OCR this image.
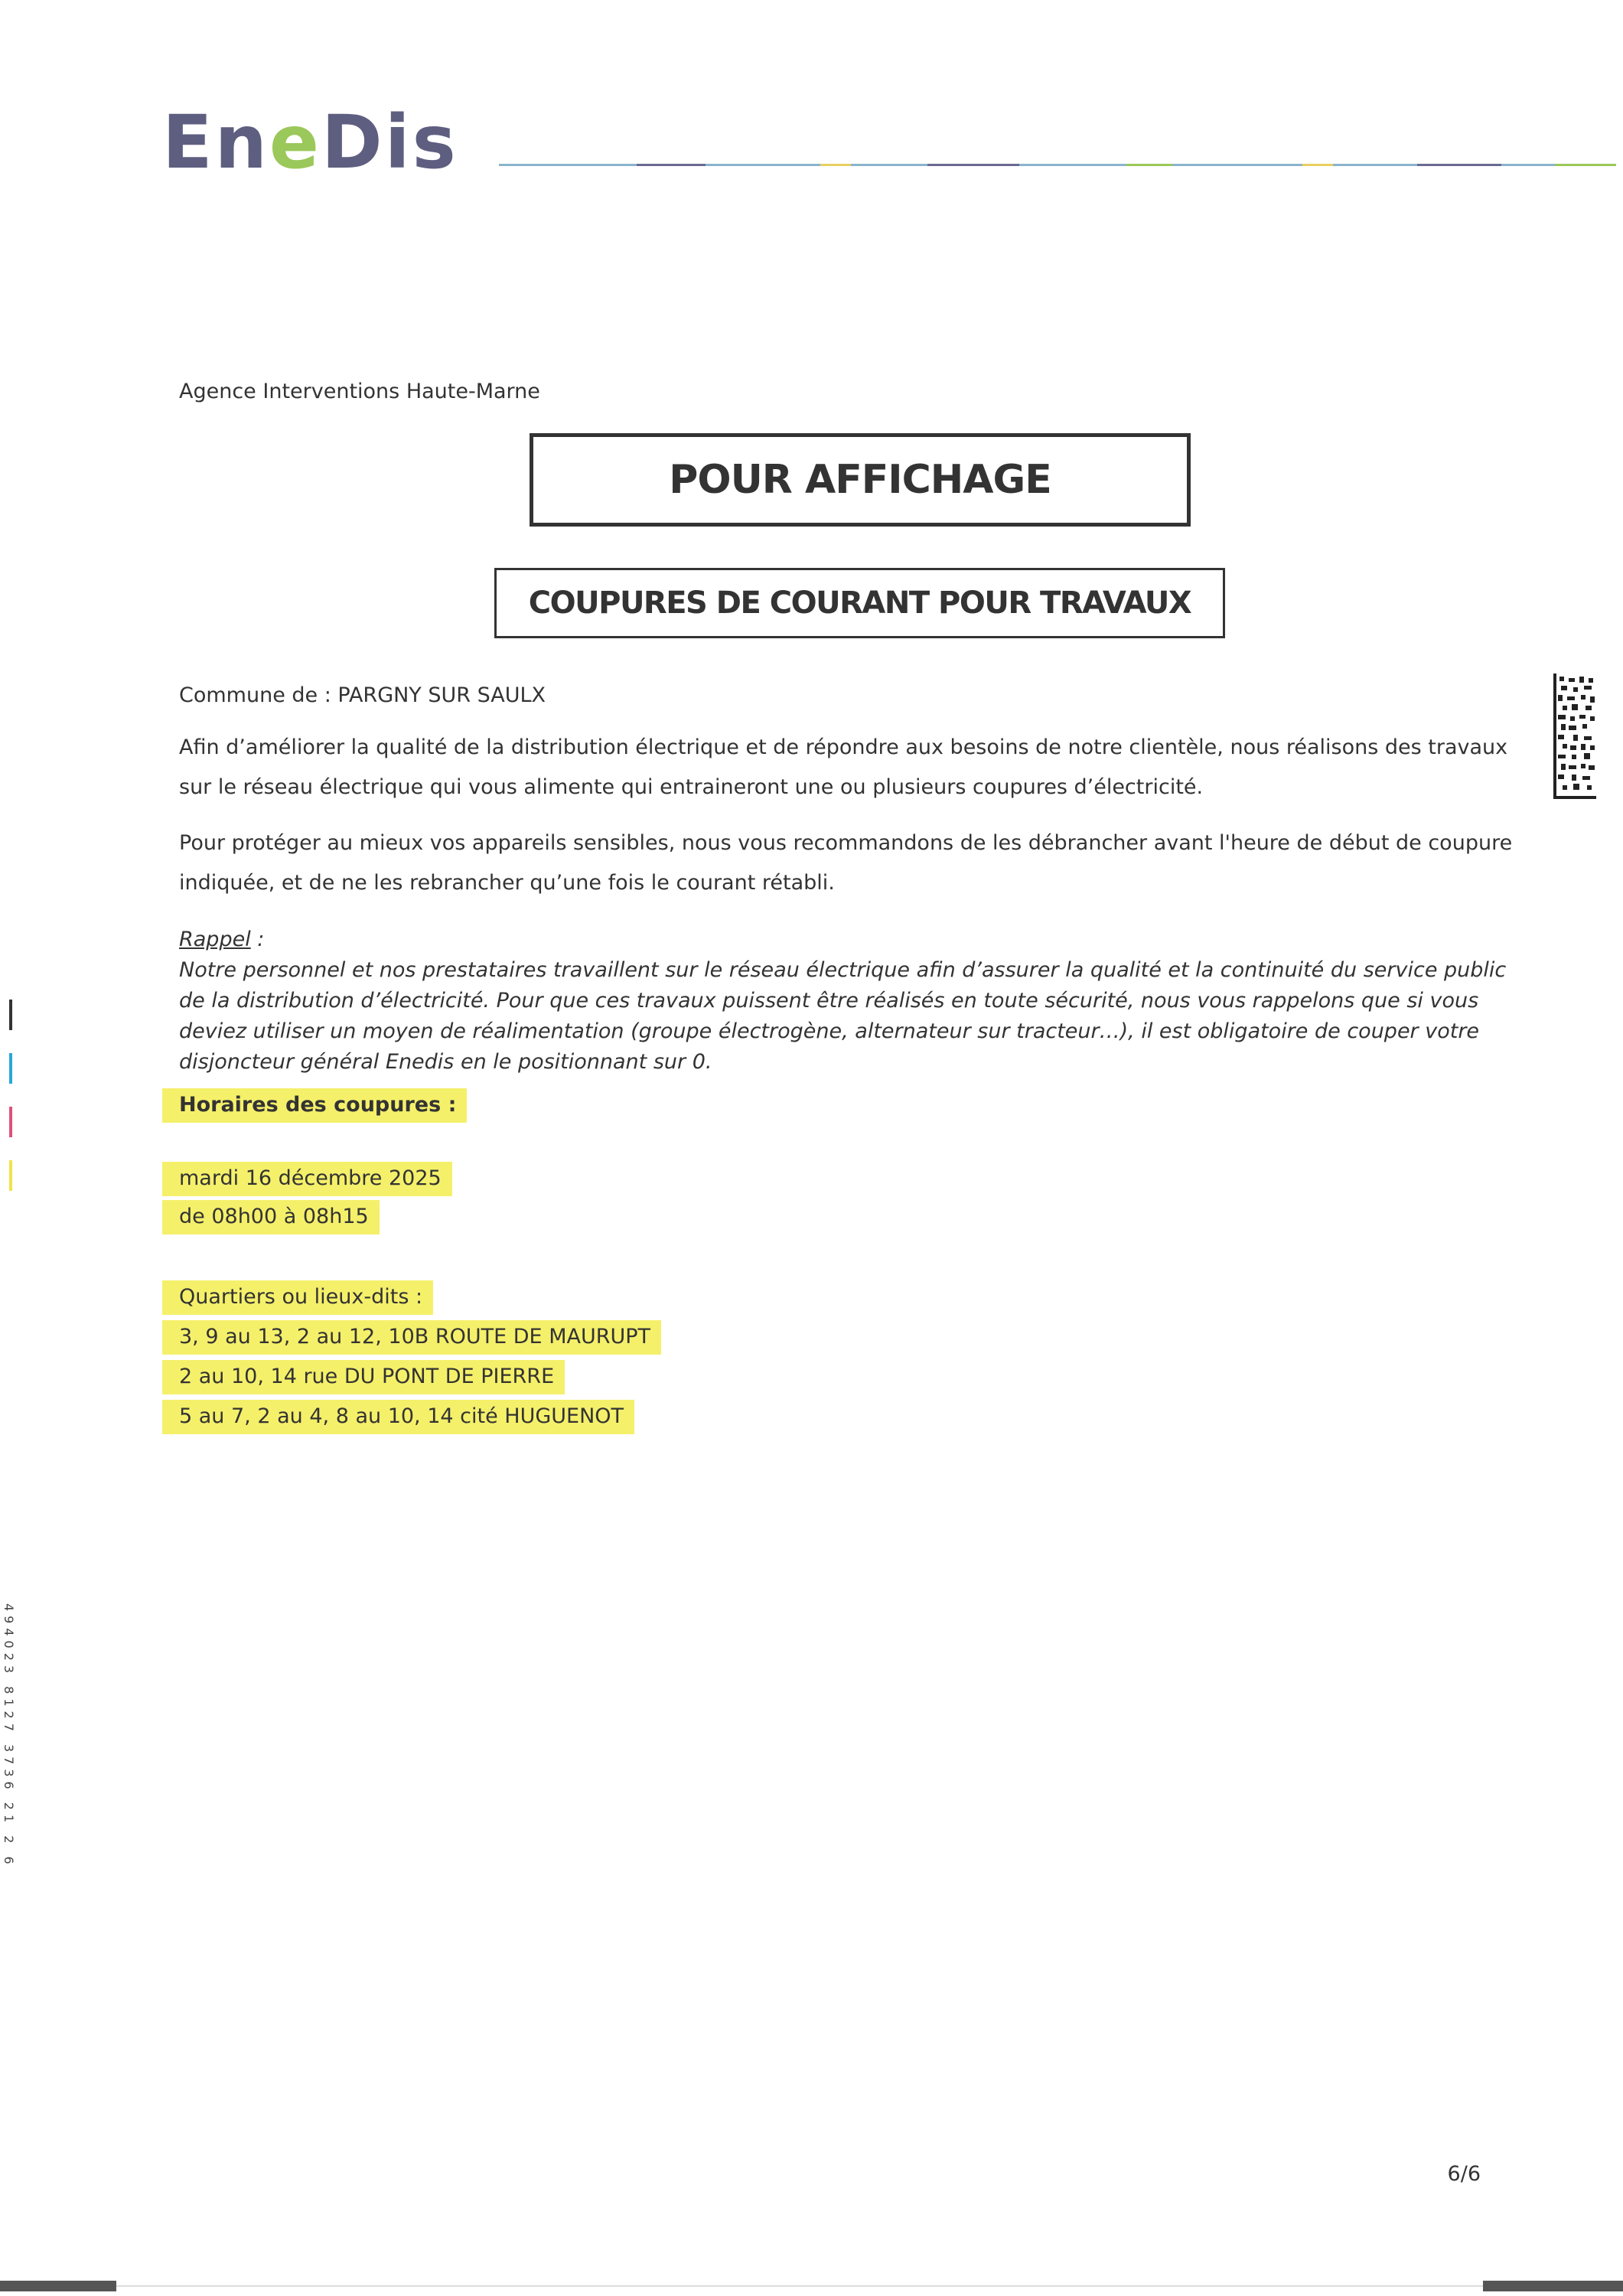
EneDis
Agence Interventions Haute-Marne
POUR AFFICHAGE
COUPURES DE COURANT POUR TRAVAUX
Commune de : PARGNY SUR SAULX
Afin d’améliorer la qualité de la distribution électrique et de répondre aux besoins de notre clientèle, nous réalisons des travaux
sur le réseau électrique qui vous alimente qui entraineront une ou plusieurs coupures d’électricité.
Pour protéger au mieux vos appareils sensibles, nous vous recommandons de les débrancher avant l'heure de début de coupure
indiquée, et de ne les rebrancher qu’une fois le courant rétabli.
Rappel :
Notre personnel et nos prestataires travaillent sur le réseau électrique afin d’assurer la qualité et la continuité du service public
de la distribution d’électricité. Pour que ces travaux puissent être réalisés en toute sécurité, nous vous rappelons que si vous
deviez utiliser un moyen de réalimentation (groupe électrogène, alternateur sur tracteur…), il est obligatoire de couper votre
disjoncteur général Enedis en le positionnant sur 0.
Horaires des coupures :
mardi 16 décembre 2025
de 08h00 à 08h15
Quartiers ou lieux-dits :
3, 9 au 13, 2 au 12, 10B ROUTE DE MAURUPT
2 au 10, 14 rue DU PONT DE PIERRE
5 au 7, 2 au 4, 8 au 10, 14 cité HUGUENOT
494023 8127 3736 21 2 6
6/6
